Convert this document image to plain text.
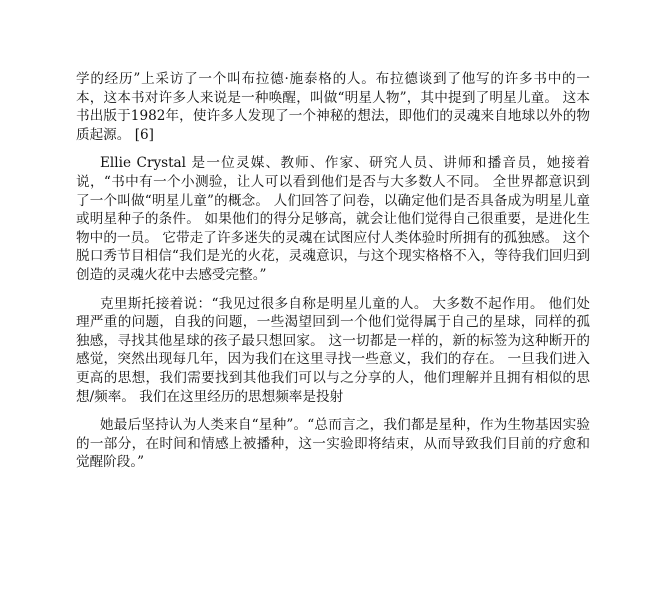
学的经历”上采访了一个叫布拉德·施泰格的人。布拉德谈到了他写的许多书中的一本，这本书对许多人来说是一种唤醒，叫做“明星人物”，其中提到了明星儿童。 这本书出版于1982年，使许多人发现了一个神秘的想法，即他们的灵魂来自地球以外的物质起源。 [6]

Ellie Crystal 是一位灵媒、教师、作家、研究人员、讲师和播音员，她接着说，“书中有一个小测验，让人可以看到他们是否与大多数人不同。 全世界都意识到了一个叫做“明星儿童”的概念。 人们回答了问卷，以确定他们是否具备成为明星儿童或明星种子的条件。 如果他们的得分足够高，就会让他们觉得自己很重要，是进化生物中的一员。 它带走了许多迷失的灵魂在试图应付人类体验时所拥有的孤独感。 这个脱口秀节目相信“我们是光的火花，灵魂意识，与这个现实格格不入，等待我们回归到创造的灵魂火花中去感受完整。”

克里斯托接着说：“我见过很多自称是明星儿童的人。 大多数不起作用。 他们处理严重的问题，自我的问题，一些渴望回到一个他们觉得属于自己的星球，同样的孤独感，寻找其他星球的孩子最只想回家。 这一切都是一样的，新的标签为这种断开的感觉，突然出现每几年，因为我们在这里寻找一些意义，我们的存在。 一旦我们进入更高的思想，我们需要找到其他我们可以与之分享的人，他们理解并且拥有相似的思想/频率。 我们在这里经历的思想频率是投射

她最后坚持认为人类来自“星种”。“总而言之，我们都是星种，作为生物基因实验的一部分，在时间和情感上被播种，这一实验即将结束，从而导致我们目前的疗愈和觉醒阶段。”
